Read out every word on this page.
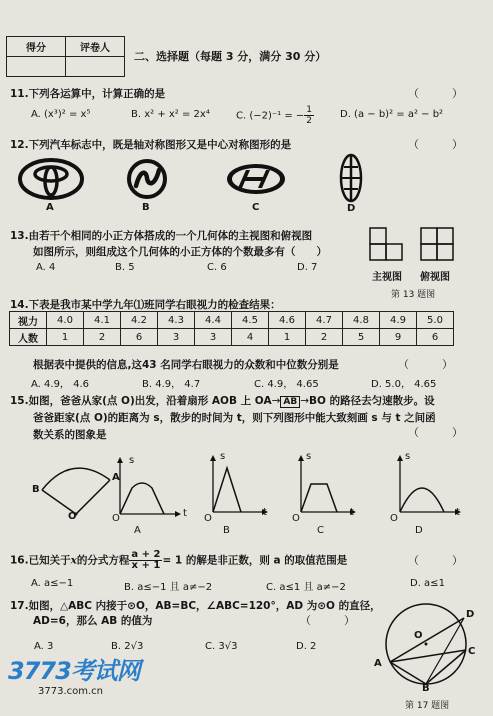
得分	评卷人

二、选择题（每题 3 分，满分 30 分）
11.下列各运算中，计算正确的是	（　　　）
A. (x³)² = x⁵	B. x² + x² = 2x⁴	C. (−2)⁻¹ = − $\frac{1}{2}$	D. (a − b)² = a² − b²
12.下列汽车标志中，既是轴对称图形又是中心对称图形的是	（　　　）
A	B	C	D
13.由若干个相同的小正方体搭成的一个几何体的主视图和俯视图
如图所示，则组成这个几何体的小正方体的个数最多有（　　）
A. 4	B. 5	C. 6	D. 7
主视图 俯视图
第 13 题图
14.下表是我市某中学九年⑴班同学右眼视力的检查结果：
视力	4.0	4.1	4.2	4.3	4.4	4.5	4.6	4.7	4.8	4.9	5.0
人数	1	2	6	3	3	4	1	2	5	9	6
根据表中提供的信息,这43 名同学右眼视力的众数和中位数分别是	（　　　）
A. 4.9， 4.6	B. 4.9， 4.7	C. 4.9， 4.65	D. 5.0， 4.65
15.如图，爸爸从家(点 O)出发，沿着扇形 AOB 上 OA→ AB →BO 的路径去匀速散步。设
爸爸距家(点 O)的距离为 s，散步的时间为 t，则下列图形中能大致刻画 s 与 t 之间函
数关系的图象是	（　　　）
B
A
O
s
t
O
s
t
O
s
t
O
s
t
O
A	B	C	D
16.已知关于x的分式方程 $\frac{a + 2}{x + 1} = 1$ 的解是非正数，则 a 的取值范围是	（　　　）
A. a≤−1	B. a≤−1 且 a≠−2	C. a≤1 且 a≠−2	D. a≤1
17.如图，△ABC 内接于⊙O，AB=BC，∠ABC=120°，AD 为⊙O 的直径，
AD=6，那么 AB 的值为	（　　　）
A. 3	B. 2√3	C. 3√3	D. 2
O
A
B
C
D
第 17 题图
3773考试网
3773.com.cn
